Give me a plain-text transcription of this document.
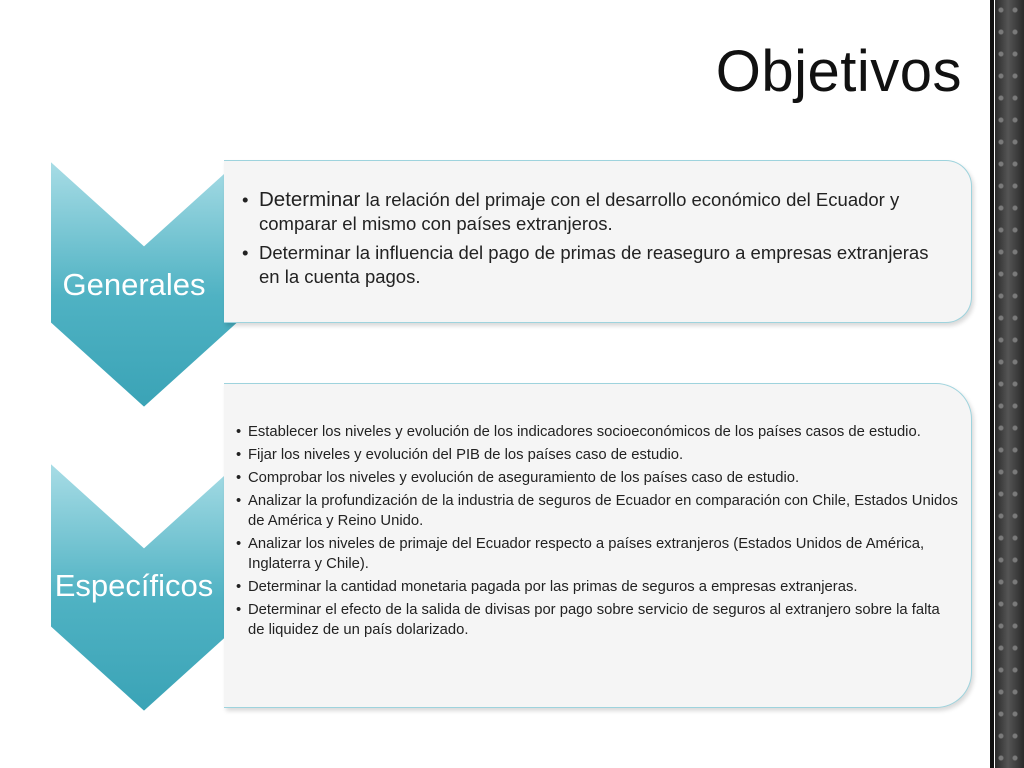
Objetivos

Generales

• Determinar la relación del primaje con el desarrollo económico del Ecuador y comparar el mismo con países extranjeros.
• Determinar la influencia del pago de primas de reaseguro a empresas extranjeras en la cuenta pagos.

Específicos

• Establecer los niveles y evolución de los indicadores socioeconómicos de los países casos de estudio.
• Fijar los niveles y evolución del PIB de los países caso de estudio.
• Comprobar los niveles y evolución de aseguramiento de los países caso de estudio.
• Analizar la profundización de la industria de seguros de Ecuador en comparación con Chile, Estados Unidos de América y Reino Unido.
• Analizar los niveles de primaje del Ecuador respecto a países extranjeros (Estados Unidos de América, Inglaterra y Chile).
• Determinar la cantidad monetaria pagada por las primas de seguros a empresas extranjeras.
• Determinar el efecto de la salida de divisas por pago sobre servicio de seguros al extranjero sobre la falta de liquidez de un país dolarizado.
